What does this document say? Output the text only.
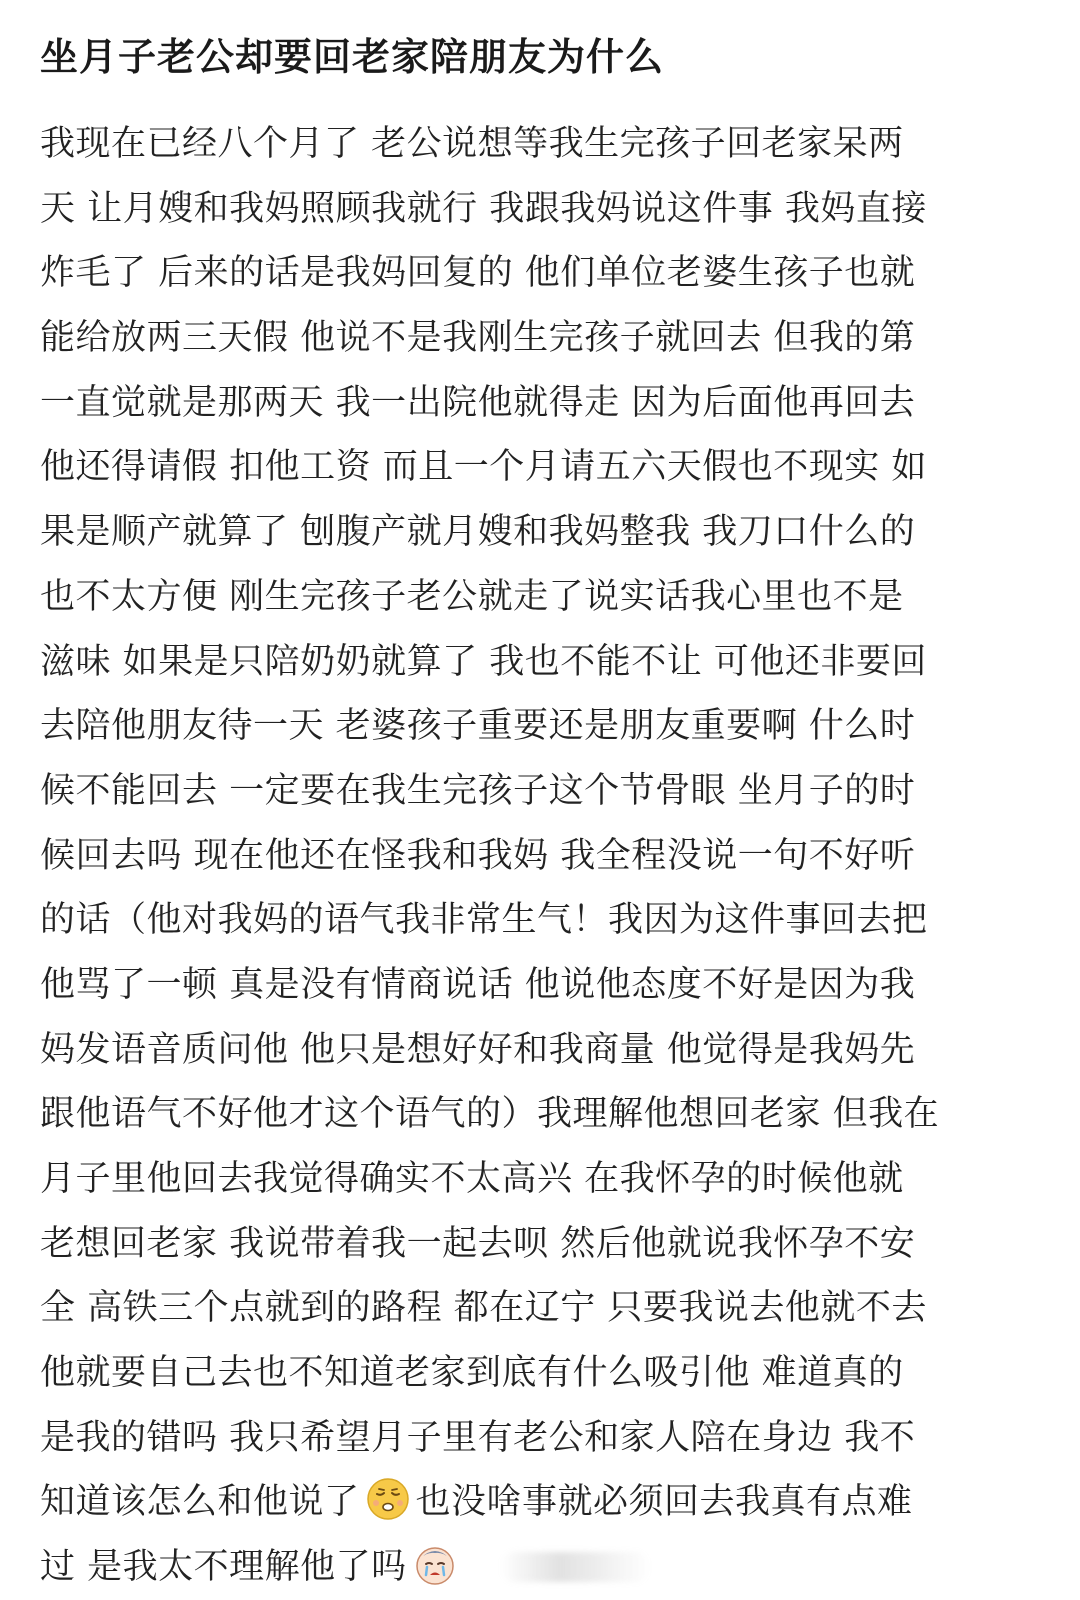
坐月子老公却要回老家陪朋友为什么
我现在已经八个月了 老公说想等我生完孩子回老家呆两
天 让月嫂和我妈照顾我就行 我跟我妈说这件事 我妈直接
炸毛了 后来的话是我妈回复的 他们单位老婆生孩子也就
能给放两三天假 他说不是我刚生完孩子就回去 但我的第
一直觉就是那两天 我一出院他就得走 因为后面他再回去
他还得请假 扣他工资 而且一个月请五六天假也不现实 如
果是顺产就算了 刨腹产就月嫂和我妈整我 我刀口什么的
也不太方便 刚生完孩子老公就走了说实话我心里也不是
滋味 如果是只陪奶奶就算了 我也不能不让 可他还非要回
去陪他朋友待一天 老婆孩子重要还是朋友重要啊 什么时
候不能回去 一定要在我生完孩子这个节骨眼 坐月子的时
候回去吗 现在他还在怪我和我妈 我全程没说一句不好听
的话（他对我妈的语气我非常生气！我因为这件事回去把
他骂了一顿 真是没有情商说话 他说他态度不好是因为我
妈发语音质问他 他只是想好好和我商量 他觉得是我妈先
跟他语气不好他才这个语气的）我理解他想回老家 但我在
月子里他回去我觉得确实不太高兴 在我怀孕的时候他就
老想回老家 我说带着我一起去呗 然后他就说我怀孕不安
全 高铁三个点就到的路程 都在辽宁 只要我说去他就不去
他就要自己去也不知道老家到底有什么吸引他 难道真的
是我的错吗 我只希望月子里有老公和家人陪在身边 我不
知道该怎么和他说了 也没啥事就必须回去我真有点难
过 是我太不理解他了吗
